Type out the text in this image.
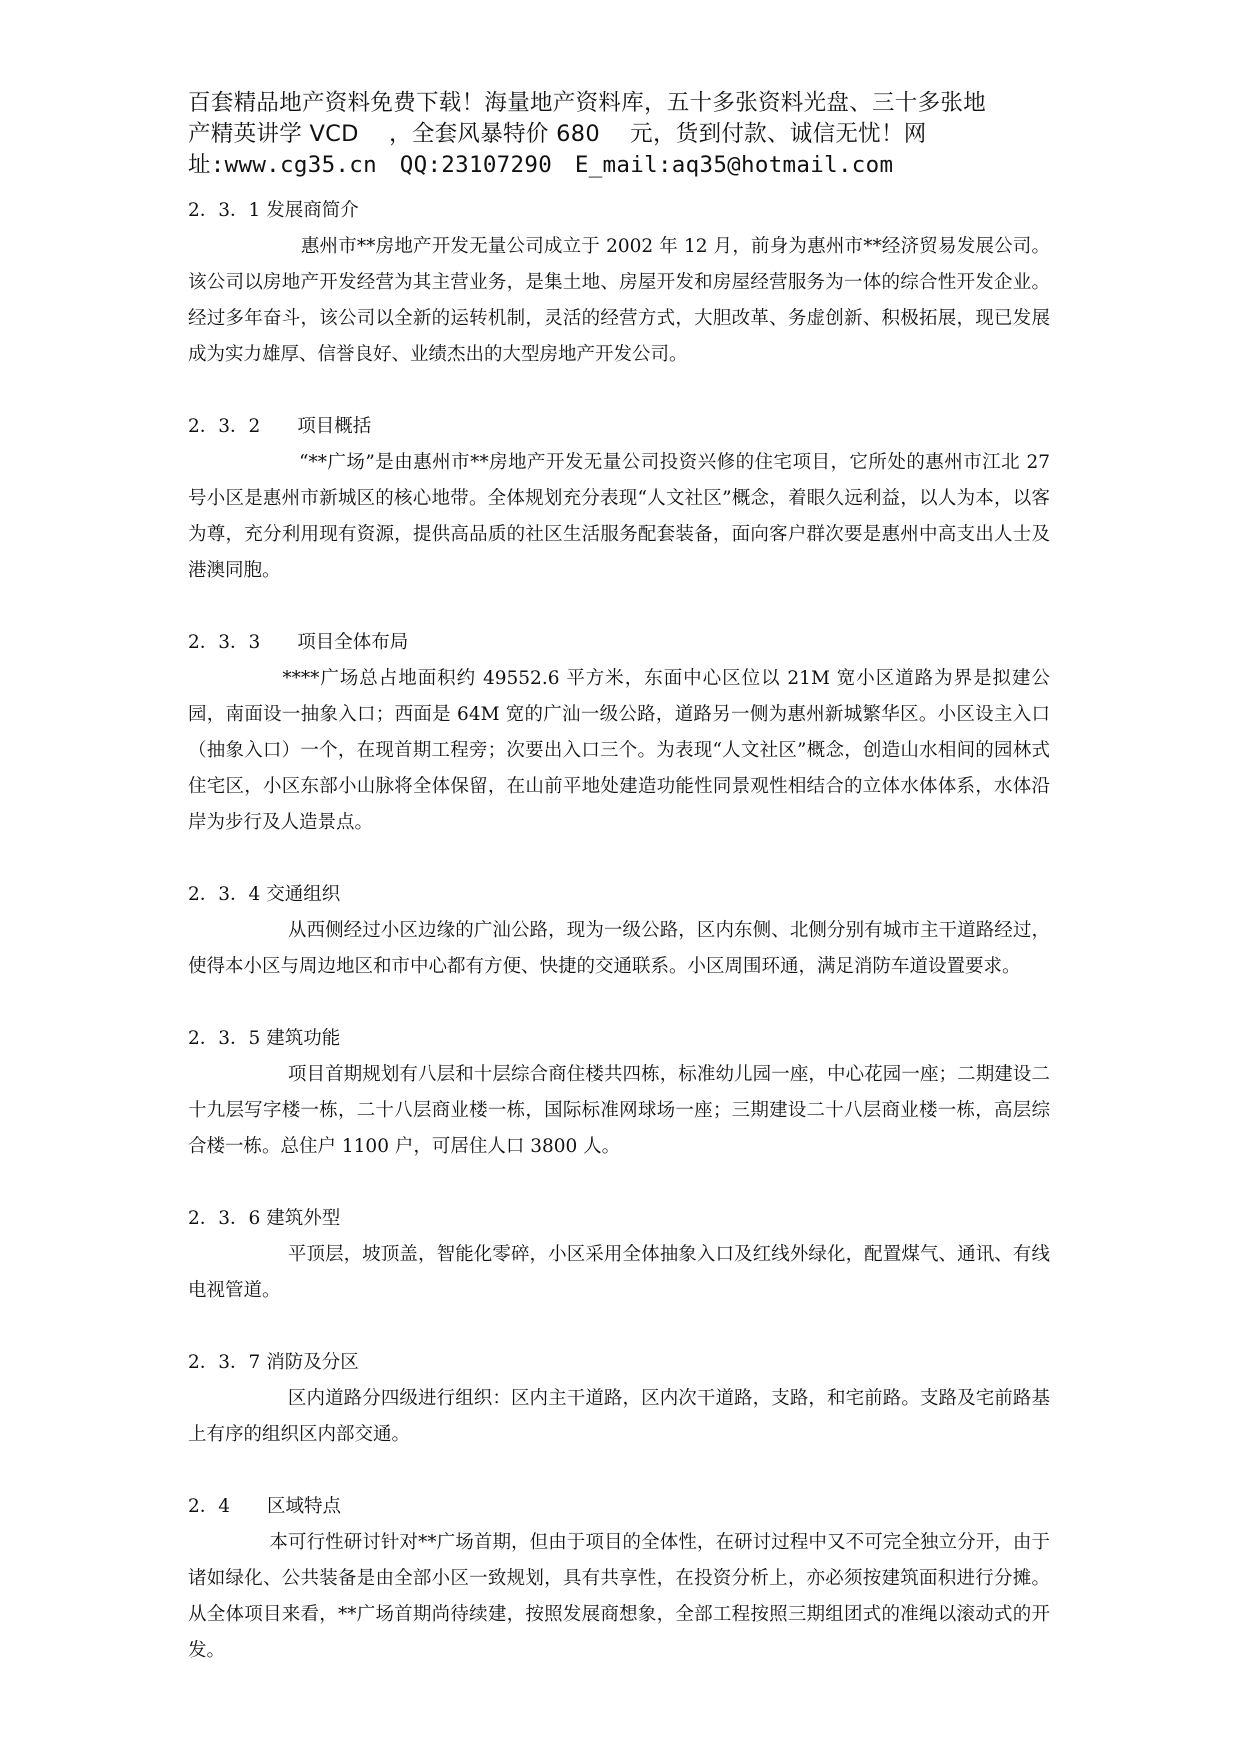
百套精品地产资料免费下载！海量地产资料库，五十多张资料光盘、三十多张地
产精英讲学 VCD　 ，全套风暴特价 680　 元，货到付款、诚信无忧！网
址:www.cg35.cn　QQ:23107290　E_mail:aq35@hotmail.com

2．3．1 发展商简介

惠州市**房地产开发无量公司成立于 2002 年 12 月，前身为惠州市**经济贸易发展公司。该公司以房地产开发经营为其主营业务，是集土地、房屋开发和房屋经营服务为一体的综合性开发企业。经过多年奋斗，该公司以全新的运转机制，灵活的经营方式，大胆改革、务虚创新、积极拓展，现已发展成为实力雄厚、信誉良好、业绩杰出的大型房地产开发公司。

2．3．2　　项目概括

“**广场”是由惠州市**房地产开发无量公司投资兴修的住宅项目，它所处的惠州市江北 27 号小区是惠州市新城区的核心地带。全体规划充分表现“人文社区”概念，着眼久远利益，以人为本，以客为尊，充分利用现有资源，提供高品质的社区生活服务配套装备，面向客户群次要是惠州中高支出人士及港澳同胞。

2．3．3　　项目全体布局

****广场总占地面积约 49552.6 平方米，东面中心区位以 21M 宽小区道路为界是拟建公园，南面设一抽象入口；西面是 64M 宽的广汕一级公路，道路另一侧为惠州新城繁华区。小区设主入口（抽象入口）一个，在现首期工程旁；次要出入口三个。为表现“人文社区”概念，创造山水相间的园林式住宅区，小区东部小山脉将全体保留，在山前平地处建造功能性同景观性相结合的立体水体体系，水体沿岸为步行及人造景点。

2．3．4 交通组织

从西侧经过小区边缘的广汕公路，现为一级公路，区内东侧、北侧分别有城市主干道路经过，使得本小区与周边地区和市中心都有方便、快捷的交通联系。小区周围环通，满足消防车道设置要求。

2．3．5 建筑功能

项目首期规划有八层和十层综合商住楼共四栋，标准幼儿园一座，中心花园一座；二期建设二十九层写字楼一栋，二十八层商业楼一栋，国际标准网球场一座；三期建设二十八层商业楼一栋，高层综合楼一栋。总住户 1100 户，可居住人口 3800 人。

2．3．6 建筑外型

平顶层，坡顶盖，智能化零碎，小区采用全体抽象入口及红线外绿化，配置煤气、通讯、有线电视管道。

2．3．7 消防及分区

区内道路分四级进行组织：区内主干道路，区内次干道路，支路，和宅前路。支路及宅前路基上有序的组织区内部交通。

2．4　　区域特点

本可行性研讨针对**广场首期，但由于项目的全体性，在研讨过程中又不可完全独立分开，由于诸如绿化、公共装备是由全部小区一致规划，具有共享性，在投资分析上，亦必须按建筑面积进行分摊。从全体项目来看，**广场首期尚待续建，按照发展商想象，全部工程按照三期组团式的准绳以滚动式的开发。
